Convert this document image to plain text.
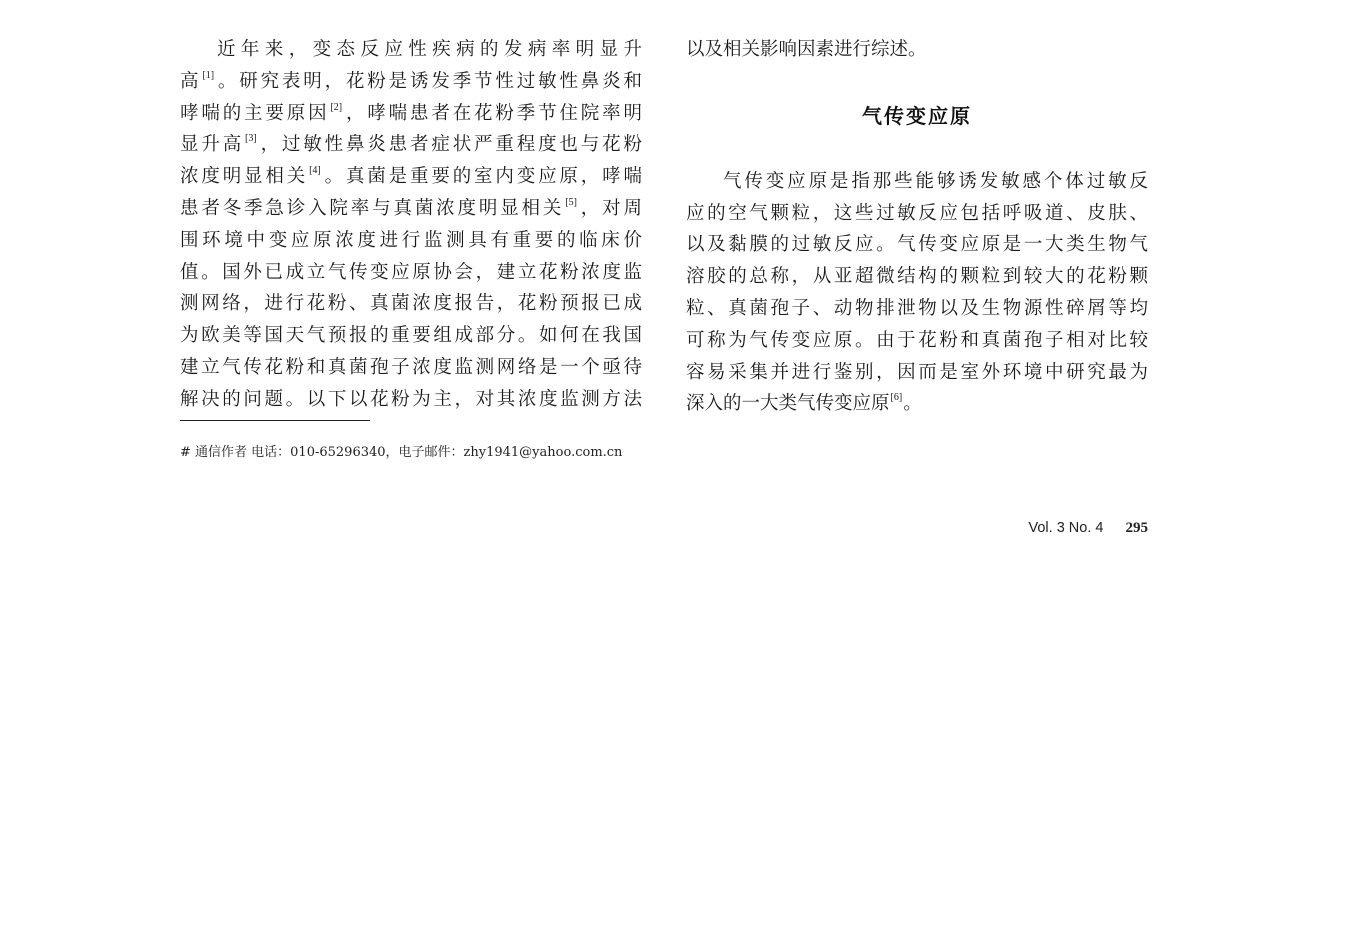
近年来，变态反应性疾病的发病率明显升
高[1]。研究表明，花粉是诱发季节性过敏性鼻炎和
哮喘的主要原因[2]，哮喘患者在花粉季节住院率明
显升高[3]，过敏性鼻炎患者症状严重程度也与花粉
浓度明显相关[4]。真菌是重要的室内变应原，哮喘
患者冬季急诊入院率与真菌浓度明显相关[5]，对周
围环境中变应原浓度进行监测具有重要的临床价
值。国外已成立气传变应原协会，建立花粉浓度监
测网络，进行花粉、真菌浓度报告，花粉预报已成
为欧美等国天气预报的重要组成部分。如何在我国
建立气传花粉和真菌孢子浓度监测网络是一个亟待
解决的问题。以下以花粉为主，对其浓度监测方法
以及相关影响因素进行综述。
气传变应原是指那些能够诱发敏感个体过敏反
应的空气颗粒，这些过敏反应包括呼吸道、皮肤、
以及黏膜的过敏反应。气传变应原是一大类生物气
溶胶的总称，从亚超微结构的颗粒到较大的花粉颗
粒、真菌孢子、动物排泄物以及生物源性碎屑等均
可称为气传变应原。由于花粉和真菌孢子相对比较
容易采集并进行鉴别，因而是室外环境中研究最为
深入的一大类气传变应原[6]。
气传变应原
# 通信作者 电话：010-65296340，电子邮件：zhy1941@yahoo.com.cn
Vol. 3 No. 4 295
